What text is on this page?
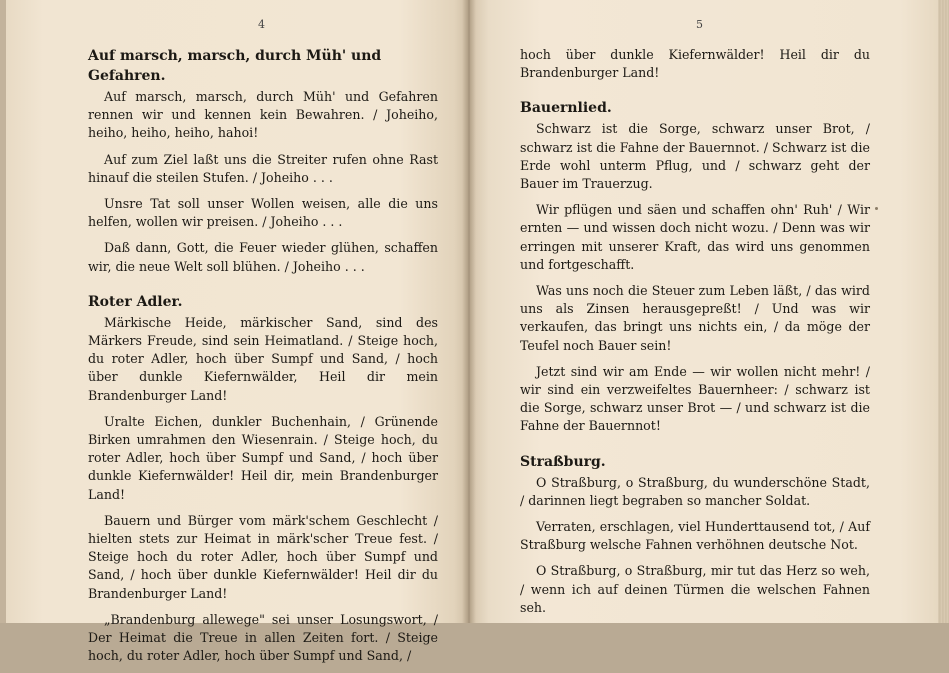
4
Auf marsch, marsch, durch Müh' und Gefahren.

Auf marsch, marsch, durch Müh' und Gefahren rennen wir und kennen kein Bewahren. / Joheiho, heiho, heiho, heiho, hahoi!

Auf zum Ziel laßt uns die Streiter rufen ohne Rast hinauf die steilen Stufen. / Joheiho . . .

Unsre Tat soll unser Wollen weisen, alle die uns helfen, wollen wir preisen. / Joheiho . . .

Daß dann, Gott, die Feuer wieder glühen, schaffen wir, die neue Welt soll blühen. / Joheiho . . .

Roter Adler.

Märkische Heide, märkischer Sand, sind des Märkers Freude, sind sein Heimatland. / Steige hoch, du roter Adler, hoch über Sumpf und Sand, / hoch über dunkle Kiefernwälder, Heil dir mein Brandenburger Land!

Uralte Eichen, dunkler Buchenhain, / Grünende Birken umrahmen den Wiesenrain. / Steige hoch, du roter Adler, hoch über Sumpf und Sand, / hoch über dunkle Kiefernwälder! Heil dir, mein Brandenburger Land!

Bauern und Bürger vom märk'schem Geschlecht / hielten stets zur Heimat in märk'scher Treue fest. / Steige hoch du roter Adler, hoch über Sumpf und Sand, / hoch über dunkle Kiefernwälder! Heil dir du Brandenburger Land!

„Brandenburg allewege" sei unser Losungswort, / Der Heimat die Treue in allen Zeiten fort. / Steige hoch, du roter Adler, hoch über Sumpf und Sand, /

5

hoch über dunkle Kiefernwälder! Heil dir du Brandenburger Land!

Bauernlied.

Schwarz ist die Sorge, schwarz unser Brot, / schwarz ist die Fahne der Bauernnot. / Schwarz ist die Erde wohl unterm Pflug, und / schwarz geht der Bauer im Trauerzug.

Wir pflügen und säen und schaffen ohn' Ruh' / Wir ernten — und wissen doch nicht wozu. / Denn was wir erringen mit unserer Kraft, das wird uns genommen und fortgeschafft.

Was uns noch die Steuer zum Leben läßt, / das wird uns als Zinsen herausgepreßt! / Und was wir verkaufen, das bringt uns nichts ein, / da möge der Teufel noch Bauer sein!

Jetzt sind wir am Ende — wir wollen nicht mehr! / wir sind ein verzweifeltes Bauernheer: / schwarz ist die Sorge, schwarz unser Brot — / und schwarz ist die Fahne der Bauernnot!

Straßburg.

O Straßburg, o Straßburg, du wunderschöne Stadt, / darinnen liegt begraben so mancher Soldat.

Verraten, erschlagen, viel Hunderttausend tot, / Auf Straßburg welsche Fahnen verhöhnen deutsche Not.

O Straßburg, o Straßburg, mir tut das Herz so weh, / wenn ich auf deinen Türmen die welschen Fahnen seh.
